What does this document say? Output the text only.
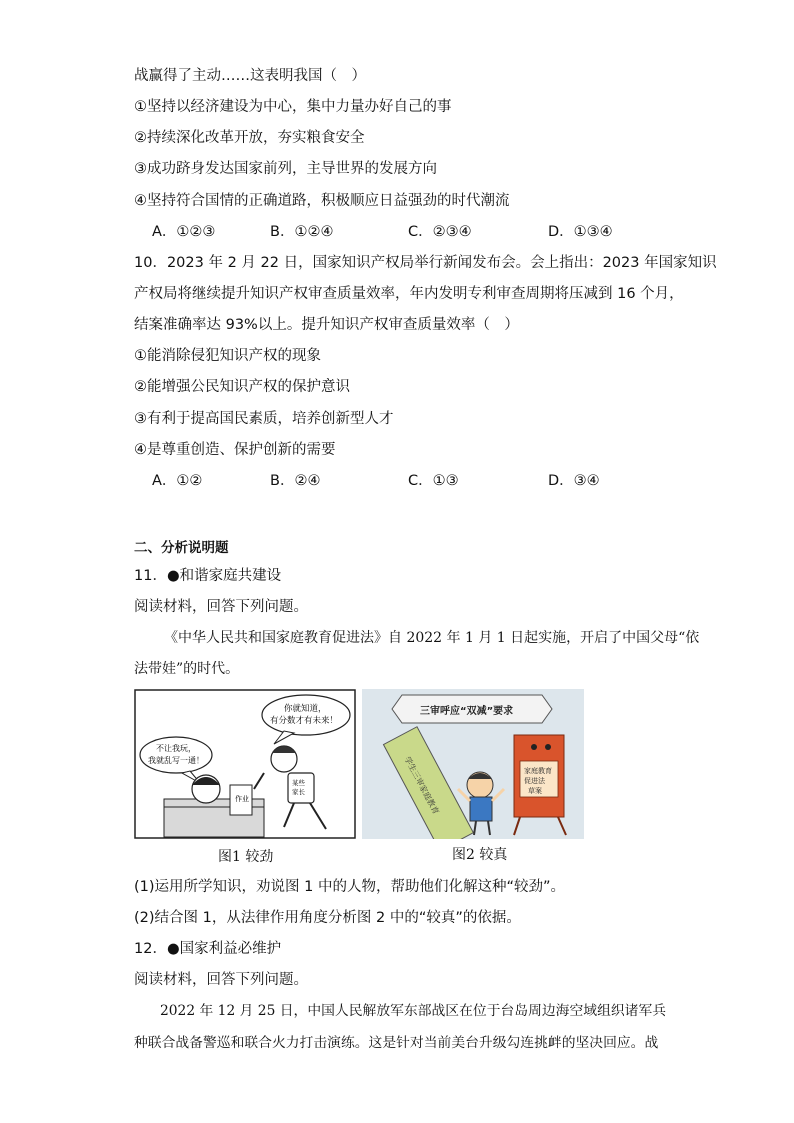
战赢得了主动……这表明我国（　）
①坚持以经济建设为中心，集中力量办好自己的事
②持续深化改革开放，夯实粮食安全
③成功跻身发达国家前列，主导世界的发展方向
④坚持符合国情的正确道路，积极顺应日益强劲的时代潮流
A．①②③	B．①②④	C．②③④	D．①③④
10．2023 年 2 月 22 日，国家知识产权局举行新闻发布会。会上指出：2023 年国家知识
产权局将继续提升知识产权审查质量效率，年内发明专利审查周期将压减到 16 个月，
结案准确率达 93%以上。提升知识产权审查质量效率（　）
①能消除侵犯知识产权的现象
②能增强公民知识产权的保护意识
③有利于提高国民素质，培养创新型人才
④是尊重创造、保护创新的需要
A．①②	B．②④	C．①③	D．③④
二、分析说明题
11．●和谐家庭共建设
阅读材料，回答下列问题。
《中华人民共和国家庭教育促进法》自 2022 年 1 月 1 日起实施，开启了中国父母“依
法带娃”的时代。
你就知道，
有分数才有未来！
不让我玩，
我就乱写一通！
作业
某些
家长
图1 较劲
三审呼应“双减”要求
学生三审家庭教育	家庭教育
促进法
草案
图2 较真
(1)运用所学知识，劝说图 1 中的人物，帮助他们化解这种“较劲”。
(2)结合图 1，从法律作用角度分析图 2 中的“较真”的依据。
12．●国家利益必维护
阅读材料，回答下列问题。
2022 年 12 月 25 日，中国人民解放军东部战区在位于台岛周边海空域组织诸军兵
种联合战备警巡和联合火力打击演练。这是针对当前美台升级勾连挑衅的坚决回应。战
